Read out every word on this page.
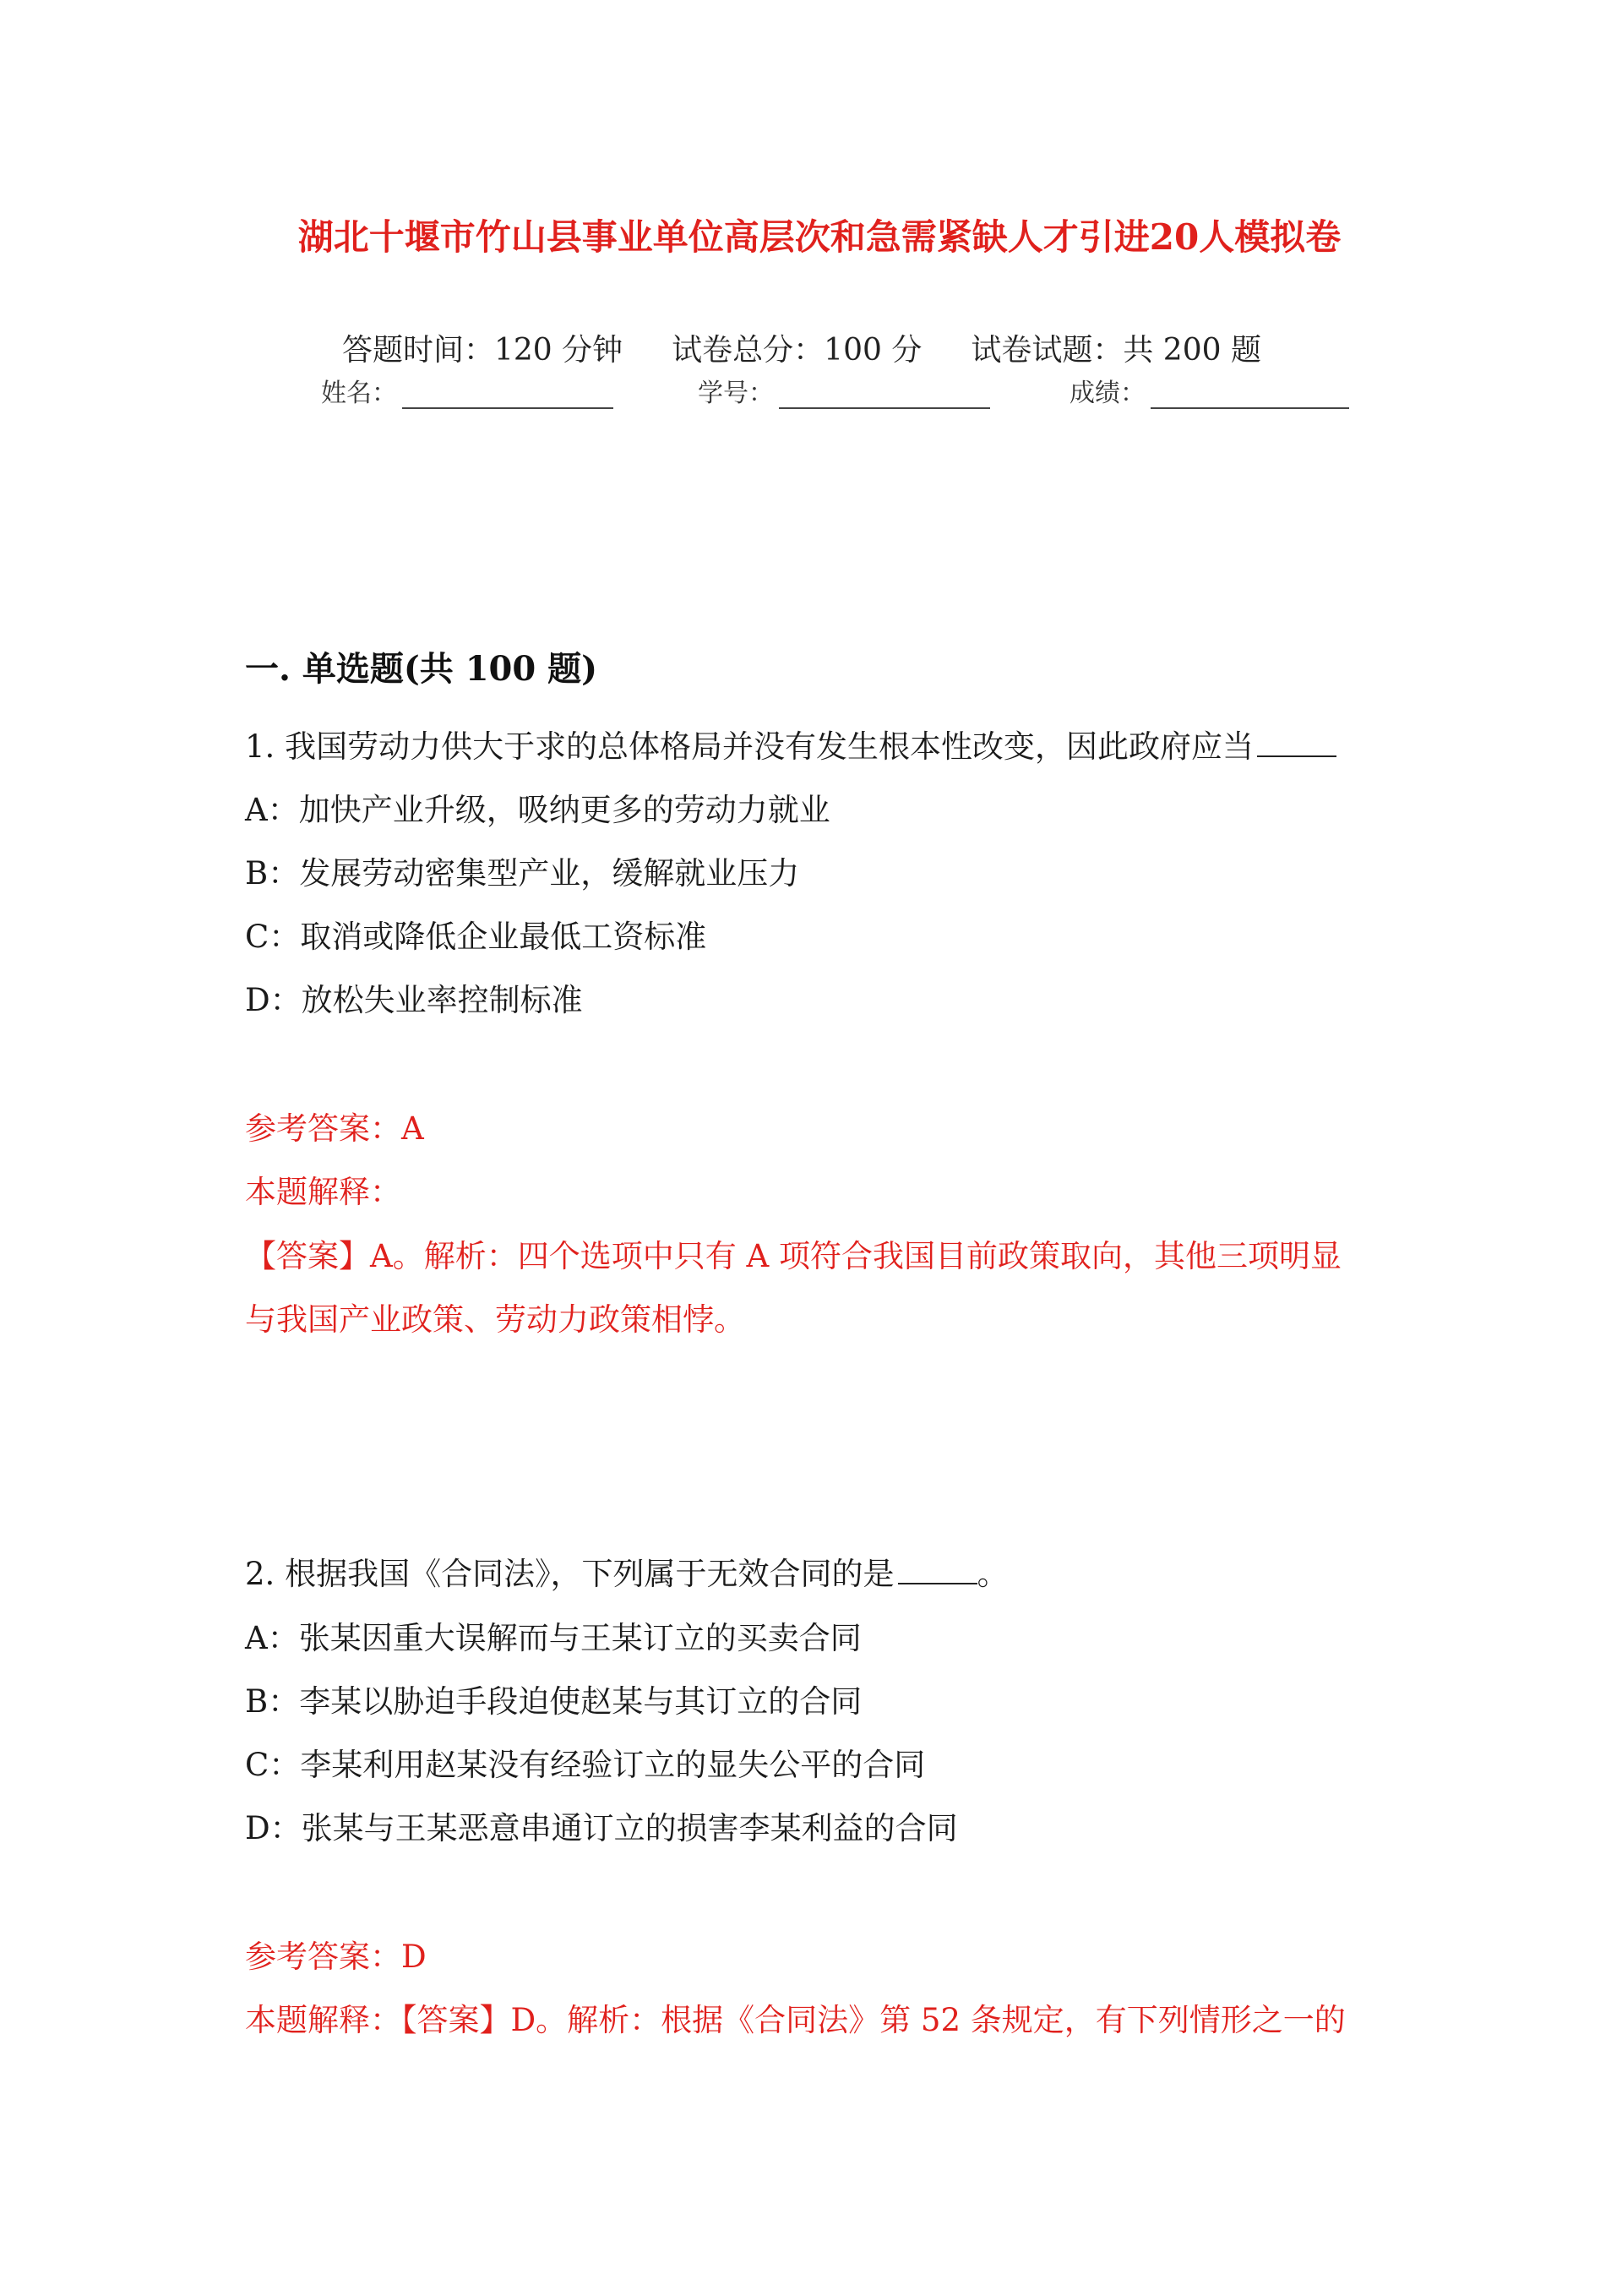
湖北十堰市竹山县事业单位高层次和急需紧缺人才引进20人模拟卷
答题时间：120 分钟 试卷总分：100 分 试卷试题：共 200 题
姓名：	学号：	成绩：
一. 单选题(共 100 题)
1. 我国劳动力供大于求的总体格局并没有发生根本性改变，因此政府应当
A：加快产业升级，吸纳更多的劳动力就业
B：发展劳动密集型产业，缓解就业压力
C：取消或降低企业最低工资标准
D：放松失业率控制标准
参考答案：A
本题解释：
【答案】A。解析：四个选项中只有 A 项符合我国目前政策取向，其他三项明显
与我国产业政策、劳动力政策相悖。
2. 根据我国《合同法》，下列属于无效合同的是	。
A：张某因重大误解而与王某订立的买卖合同
B：李某以胁迫手段迫使赵某与其订立的合同
C：李某利用赵某没有经验订立的显失公平的合同
D：张某与王某恶意串通订立的损害李某利益的合同
参考答案：D
本题解释：【答案】D。解析：根据《合同法》第 52 条规定，有下列情形之一的
